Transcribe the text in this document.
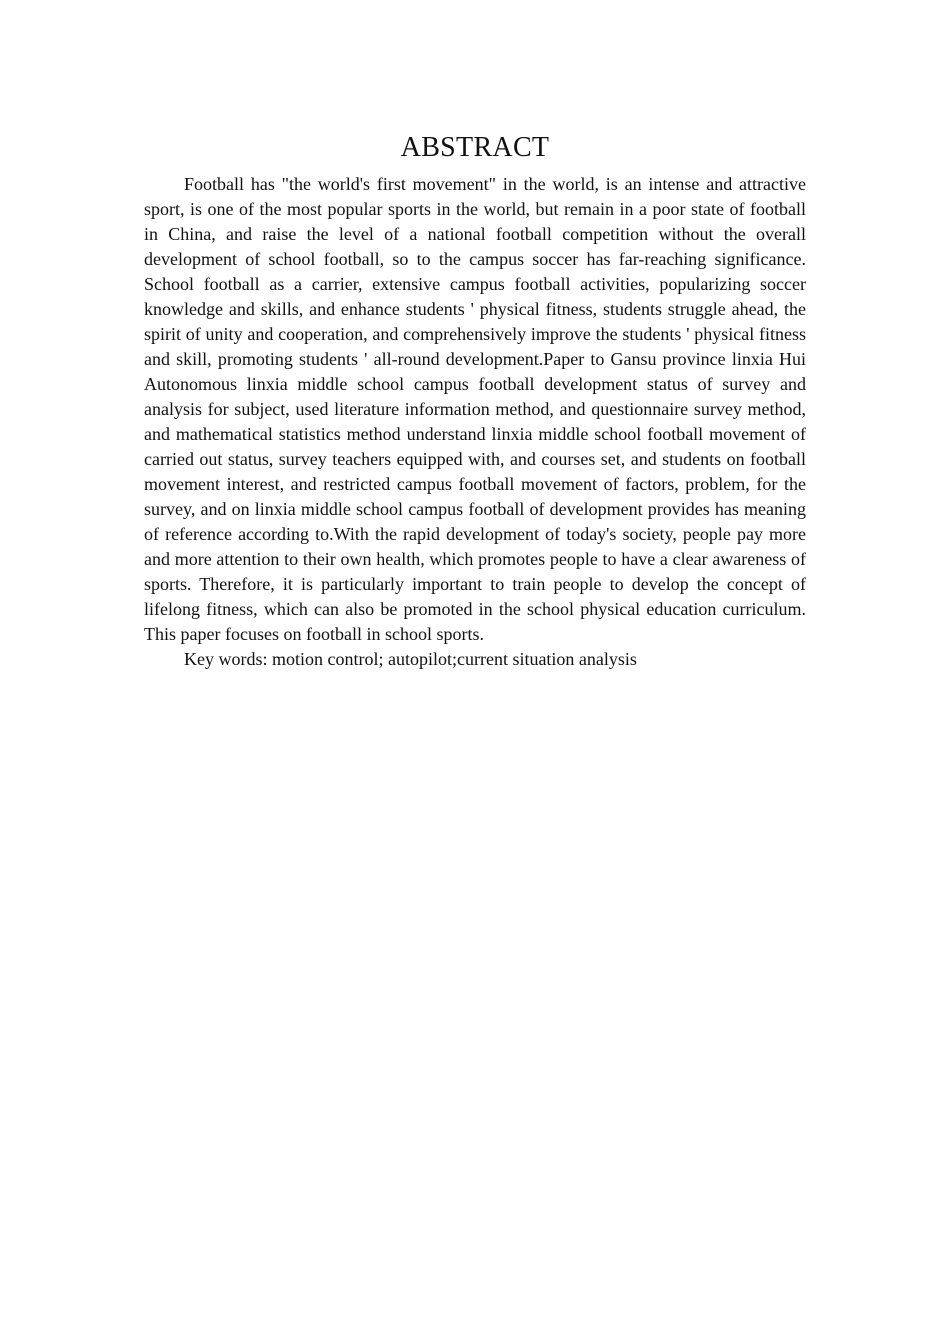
ABSTRACT

Football has "the world's first movement" in the world, is an intense and attractive sport, is one of the most popular sports in the world, but remain in a poor state of football in China, and raise the level of a national football competition without the overall development of school football, so to the campus soccer has far-reaching significance. School football as a carrier, extensive campus football activities, popularizing soccer knowledge and skills, and enhance students ' physical fitness, students struggle ahead, the spirit of unity and cooperation, and comprehensively improve the students ' physical fitness and skill, promoting students ' all-round development.Paper to Gansu province linxia Hui Autonomous linxia middle school campus football development status of survey and analysis for subject, used literature information method, and questionnaire survey method, and mathematical statistics method understand linxia middle school football movement of carried out status, survey teachers equipped with, and courses set, and students on football movement interest, and restricted campus football movement of factors, problem, for the survey, and on linxia middle school campus football of development provides has meaning of reference according to.With the rapid development of today's society, people pay more and more attention to their own health, which promotes people to have a clear awareness of sports. Therefore, it is particularly important to train people to develop the concept of lifelong fitness, which can also be promoted in the school physical education curriculum. This paper focuses on football in school sports.

Key words: motion control; autopilot;current situation analysis
